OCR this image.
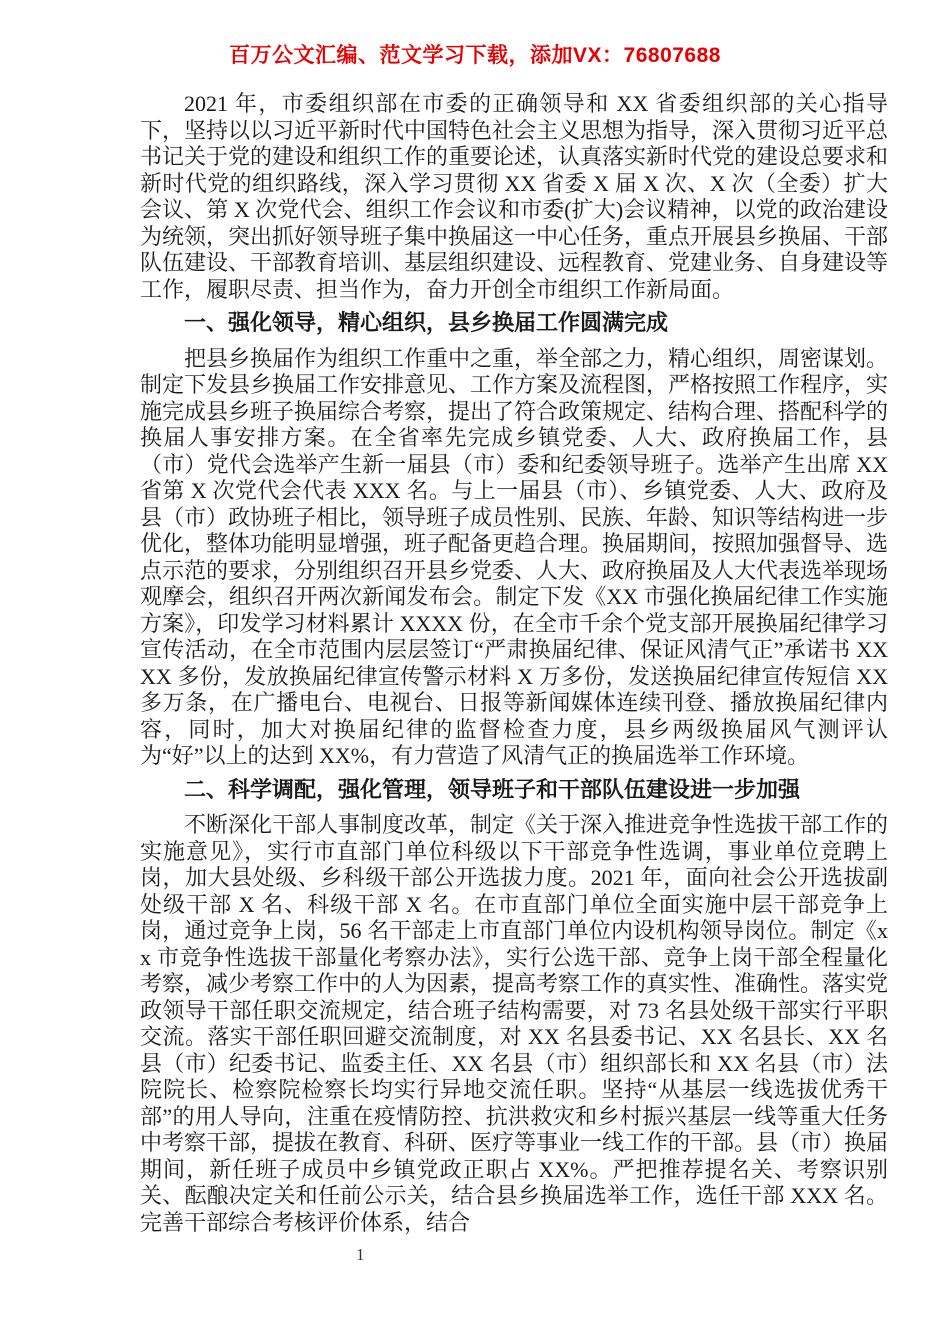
百万公文汇编、范文学习下载，添加VX：76807688

2021 年，市委组织部在市委的正确领导和 XX 省委组织部的关心指导下，坚持以以习近平新时代中国特色社会主义思想为指导，深入贯彻习近平总书记关于党的建设和组织工作的重要论述，认真落实新时代党的建设总要求和新时代党的组织路线，深入学习贯彻 XX 省委 X 届 X 次、X 次（全委）扩大会议、第 X 次党代会、组织工作会议和市委(扩大)会议精神，以党的政治建设为统领，突出抓好领导班子集中换届这一中心任务，重点开展县乡换届、干部队伍建设、干部教育培训、基层组织建设、远程教育、党建业务、自身建设等工作，履职尽责、担当作为，奋力开创全市组织工作新局面。

一、强化领导，精心组织，县乡换届工作圆满完成

把县乡换届作为组织工作重中之重，举全部之力，精心组织，周密谋划。制定下发县乡换届工作安排意见、工作方案及流程图，严格按照工作程序，实施完成县乡班子换届综合考察，提出了符合政策规定、结构合理、搭配科学的换届人事安排方案。在全省率先完成乡镇党委、人大、政府换届工作，县（市）党代会选举产生新一届县（市）委和纪委领导班子。选举产生出席 XX 省第 X 次党代会代表 XXX 名。与上一届县（市）、乡镇党委、人大、政府及县（市）政协班子相比，领导班子成员性别、民族、年龄、知识等结构进一步优化，整体功能明显增强，班子配备更趋合理。换届期间，按照加强督导、选点示范的要求，分别组织召开县乡党委、人大、政府换届及人大代表选举现场观摩会，组织召开两次新闻发布会。制定下发《XX 市强化换届纪律工作实施方案》，印发学习材料累计 XXXX 份，在全市千余个党支部开展换届纪律学习宣传活动，在全市范围内层层签订“严肃换届纪律、保证风清气正”承诺书 XXXX 多份，发放换届纪律宣传警示材料 X 万多份，发送换届纪律宣传短信 XX 多万条，在广播电台、电视台、日报等新闻媒体连续刊登、播放换届纪律内容，同时，加大对换届纪律的监督检查力度，县乡两级换届风气测评认为“好”以上的达到 XX%，有力营造了风清气正的换届选举工作环境。

二、科学调配，强化管理，领导班子和干部队伍建设进一步加强

不断深化干部人事制度改革，制定《关于深入推进竞争性选拔干部工作的实施意见》，实行市直部门单位科级以下干部竞争性选调，事业单位竞聘上岗，加大县处级、乡科级干部公开选拔力度。2021 年，面向社会公开选拔副处级干部 X 名、科级干部 X 名。在市直部门单位全面实施中层干部竞争上岗，通过竞争上岗，56 名干部走上市直部门单位内设机构领导岗位。制定《xx 市竞争性选拔干部量化考察办法》，实行公选干部、竞争上岗干部全程量化考察，减少考察工作中的人为因素，提高考察工作的真实性、准确性。落实党政领导干部任职交流规定，结合班子结构需要，对 73 名县处级干部实行平职交流。落实干部任职回避交流制度，对 XX 名县委书记、XX 名县长、XX 名县（市）纪委书记、监委主任、XX 名县（市）组织部长和 XX 名县（市）法院院长、检察院检察长均实行异地交流任职。坚持“从基层一线选拔优秀干部”的用人导向，注重在疫情防控、抗洪救灾和乡村振兴基层一线等重大任务中考察干部，提拔在教育、科研、医疗等事业一线工作的干部。县（市）换届期间，新任班子成员中乡镇党政正职占 XX%。严把推荐提名关、考察识别关、酝酿决定关和任前公示关，结合县乡换届选举工作，选任干部 XXX 名。完善干部综合考核评价体系，结合

1
